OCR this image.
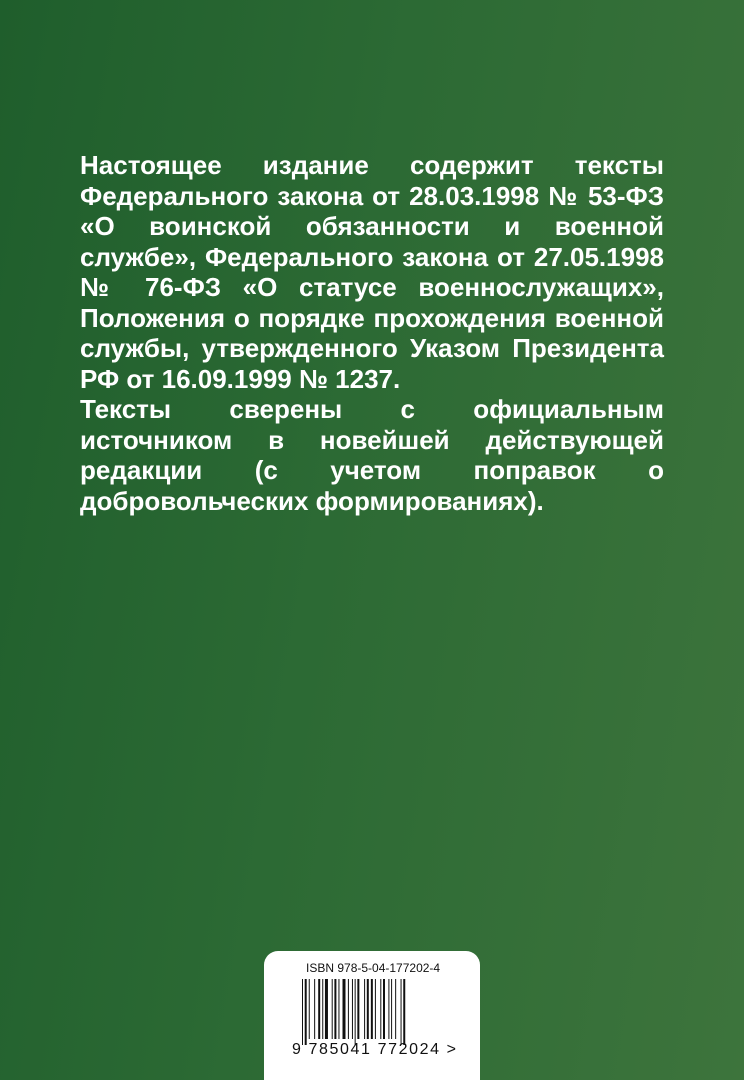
Настоящее издание содержит тексты Федерального закона от 28.03.1998 № 53-ФЗ «О воинской обязанности и военной службе», Федерального закона от 27.05.1998 № 76-ФЗ «О статусе военнослужащих», Положения о порядке прохождения военной службы, утвержденного Указом Президента РФ от 16.09.1999 № 1237.

Тексты сверены с официальным источником в новейшей действующей редакции (с учетом поправок о добровольческих формированиях).

ISBN 978-5-04-177202-4
9 785041 772024 >
